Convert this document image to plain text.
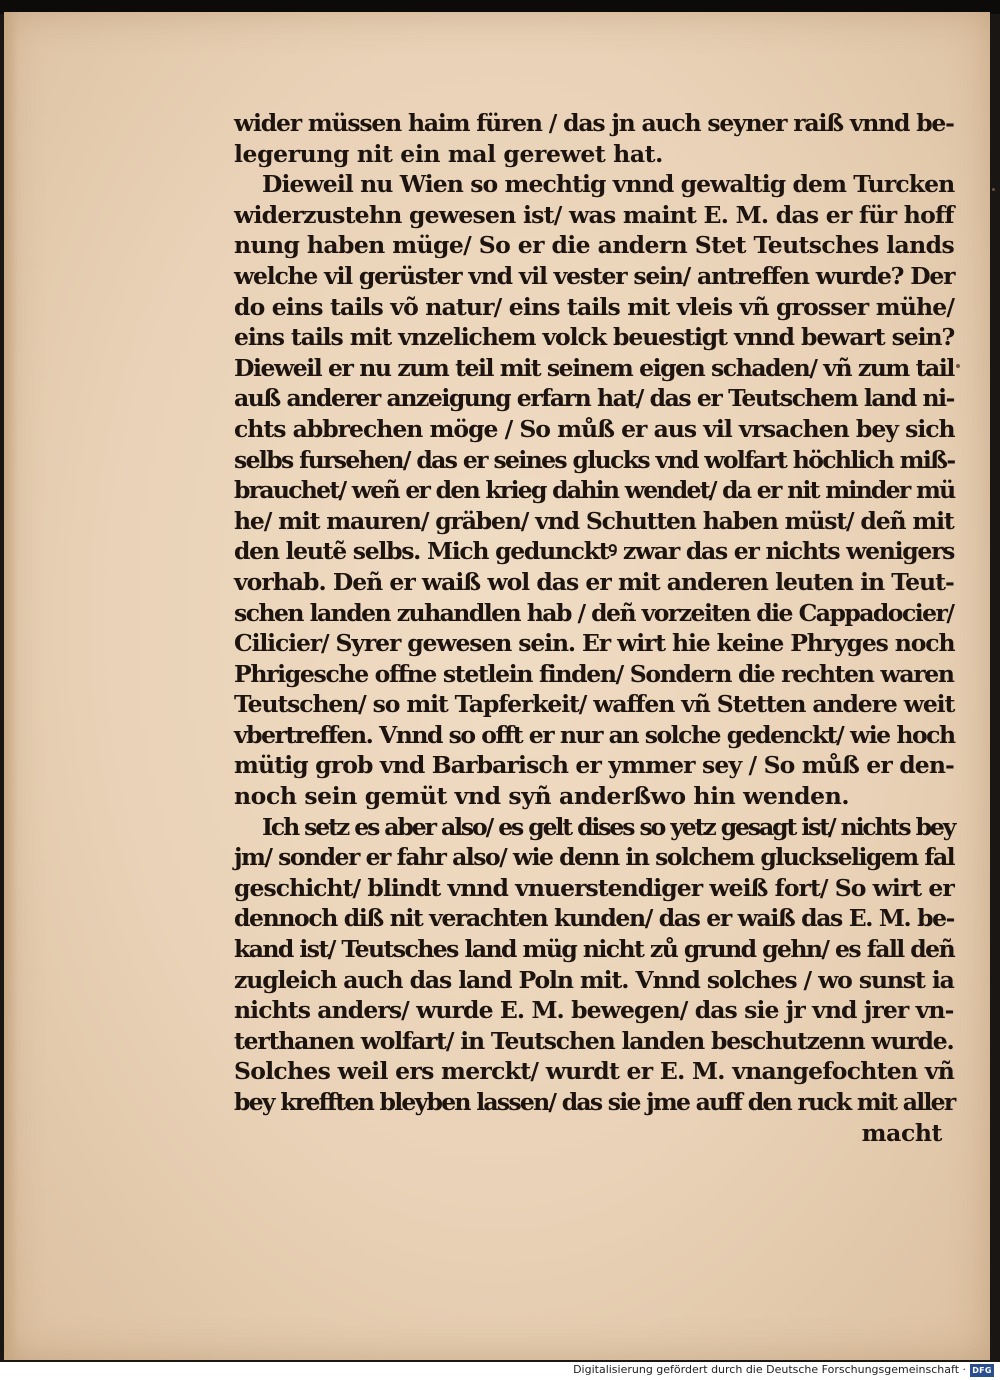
wider müssen haim füren / das jn auch seyner raiß vnnd be-
legerung nit ein mal gerewet hat.
Dieweil nu Wien so mechtig vnnd gewaltig dem Turcken
widerzustehn gewesen ist/ was maint E. M. das er für hoff
nung haben müge/ So er die andern Stet Teutsches lands
welche vil gerüster vnd vil vester sein/ antreffen wurde? Der
do eins tails võ natur/ eins tails mit vleis vñ grosser mühe/
eins tails mit vnzelichem volck beuestigt vnnd bewart sein?
Dieweil er nu zum teil mit seinem eigen schaden/ vñ zum tail
auß anderer anzeigung erfarn hat/ das er Teutschem land ni-
chts abbrechen möge / So můß er aus vil vrsachen bey sich
selbs fursehen/ das er seines glucks vnd wolfart höchlich miß-
brauchet/ weñ er den krieg dahin wendet/ da er nit minder mü
he/ mit mauren/ gräben/ vnd Schutten haben müst/ deñ mit
den leutẽ selbs. Mich geduncktꝰ zwar das er nichts wenigers
vorhab. Deñ er waiß wol das er mit anderen leuten in Teut-
schen landen zuhandlen hab / deñ vorzeiten die Cappadocier/
Cilicier/ Syrer gewesen sein. Er wirt hie keine Phryges noch
Phrigesche offne stetlein finden/ Sondern die rechten waren
Teutschen/ so mit Tapferkeit/ waffen vñ Stetten andere weit
vbertreffen. Vnnd so offt er nur an solche gedenckt/ wie hoch
mütig grob vnd Barbarisch er ymmer sey / So můß er den-
noch sein gemüt vnd syñ anderßwo hin wenden.
Ich setz es aber also/ es gelt dises so yetz gesagt ist/ nichts bey
jm/ sonder er fahr also/ wie denn in solchem gluckseligem fal
geschicht/ blindt vnnd vnuerstendiger weiß fort/ So wirt er
dennoch diß nit verachten kunden/ das er waiß das E. M. be-
kand ist/ Teutsches land müg nicht zů grund gehn/ es fall deñ
zugleich auch das land Poln mit. Vnnd solches / wo sunst ia
nichts anders/ wurde E. M. bewegen/ das sie jr vnd jrer vn-
terthanen wolfart/ in Teutschen landen beschutzenn wurde.
Solches weil ers merckt/ wurdt er E. M. vnangefochten vñ
bey krefften bleyben lassen/ das sie jme auff den ruck mit aller
macht
Digitalisierung gefördert durch die Deutsche Forschungsgemeinschaft · DFG
